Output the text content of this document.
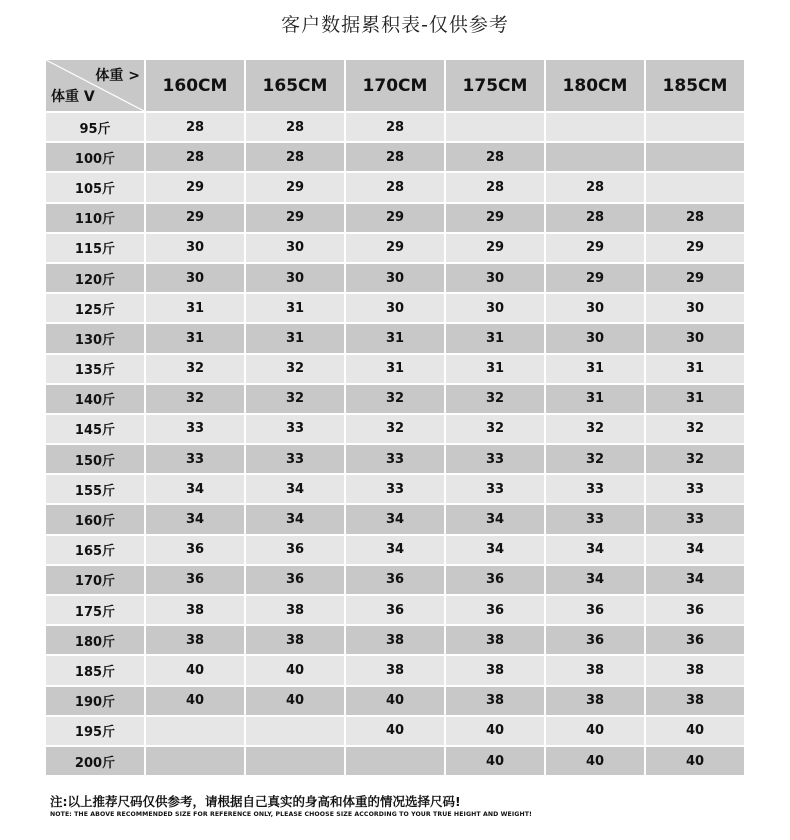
客户数据累积表-仅供参考
体重 >
体重 V	160CM	165CM	170CM	175CM	180CM	185CM
95斤	28	28	28			
100斤	28	28	28	28		
105斤	29	29	28	28	28	
110斤	29	29	29	29	28	28
115斤	30	30	29	29	29	29
120斤	30	30	30	30	29	29
125斤	31	31	30	30	30	30
130斤	31	31	31	31	30	30
135斤	32	32	31	31	31	31
140斤	32	32	32	32	31	31
145斤	33	33	32	32	32	32
150斤	33	33	33	33	32	32
155斤	34	34	33	33	33	33
160斤	34	34	34	34	33	33
165斤	36	36	34	34	34	34
170斤	36	36	36	36	34	34
175斤	38	38	36	36	36	36
180斤	38	38	38	38	36	36
185斤	40	40	38	38	38	38
190斤	40	40	40	38	38	38
195斤			40	40	40	40
200斤				40	40	40
注:以上推荐尺码仅供参考，请根据自己真实的身高和体重的情况选择尺码!
NOTE: THE ABOVE RECOMMENDED SIZE FOR REFERENCE ONLY, PLEASE CHOOSE SIZE ACCORDING TO YOUR TRUE HEIGHT AND WEIGHT!
